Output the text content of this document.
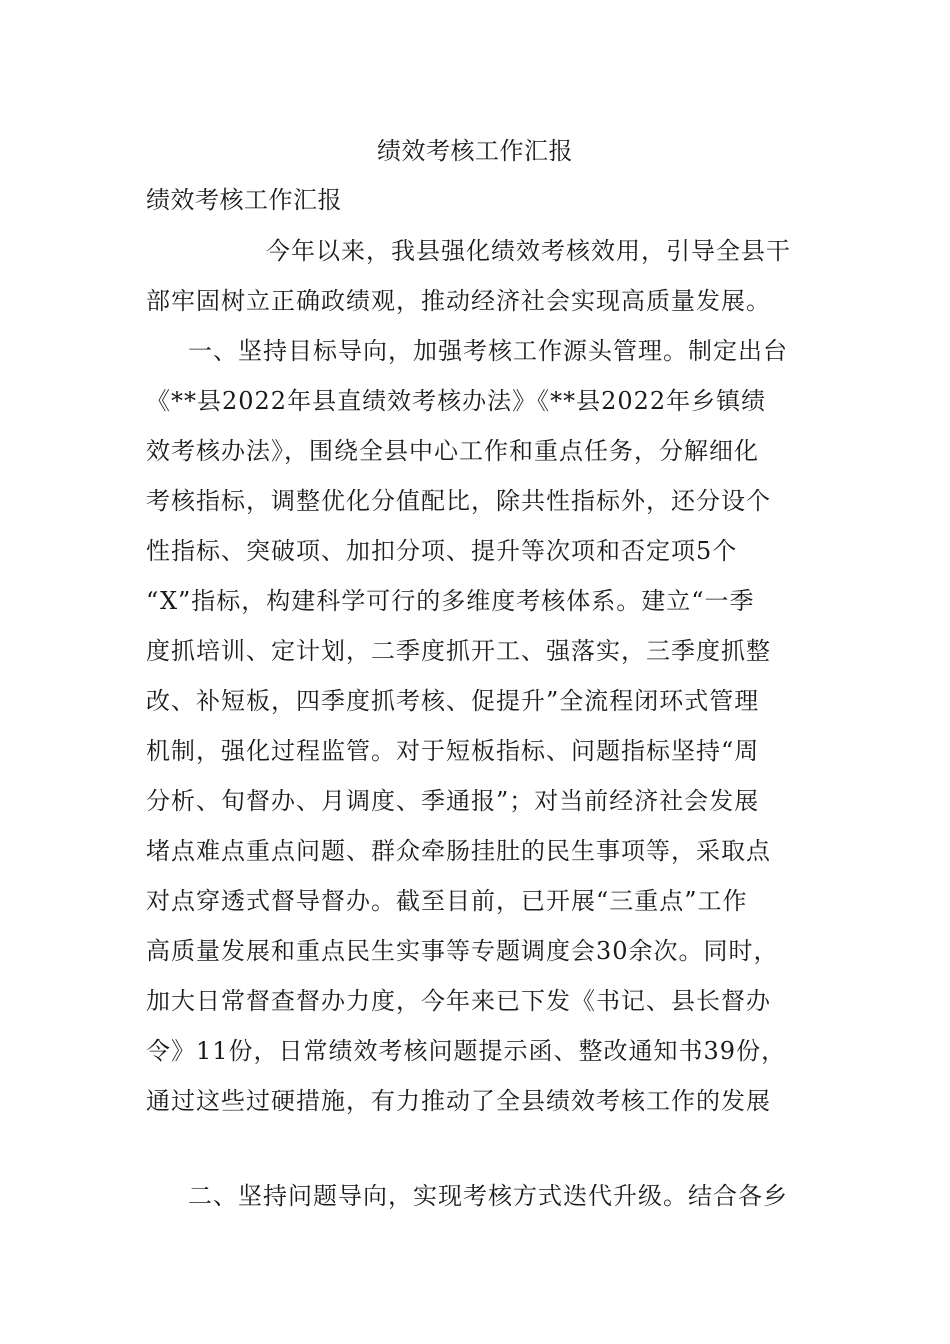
绩效考核工作汇报
绩效考核工作汇报
今年以来，我县强化绩效考核效用，引导全县干
部牢固树立正确政绩观，推动经济社会实现高质量发展。
一、坚持目标导向，加强考核工作源头管理。制定出台
《**县2022年县直绩效考核办法》《**县2022年乡镇绩
效考核办法》，围绕全县中心工作和重点任务，分解细化
考核指标，调整优化分值配比，除共性指标外，还分设个
性指标、突破项、加扣分项、提升等次项和否定项5个
“X”指标，构建科学可行的多维度考核体系。建立“一季
度抓培训、定计划，二季度抓开工、强落实，三季度抓整
改、补短板，四季度抓考核、促提升”全流程闭环式管理
机制，强化过程监管。对于短板指标、问题指标坚持“周
分析、旬督办、月调度、季通报”；对当前经济社会发展
堵点难点重点问题、群众牵肠挂肚的民生事项等，采取点
对点穿透式督导督办。截至目前，已开展“三重点”工作
高质量发展和重点民生实事等专题调度会30余次。同时，
加大日常督查督办力度，今年来已下发《书记、县长督办
令》11份，日常绩效考核问题提示函、整改通知书39份，
通过这些过硬措施，有力推动了全县绩效考核工作的发展
二、坚持问题导向，实现考核方式迭代升级。结合各乡
